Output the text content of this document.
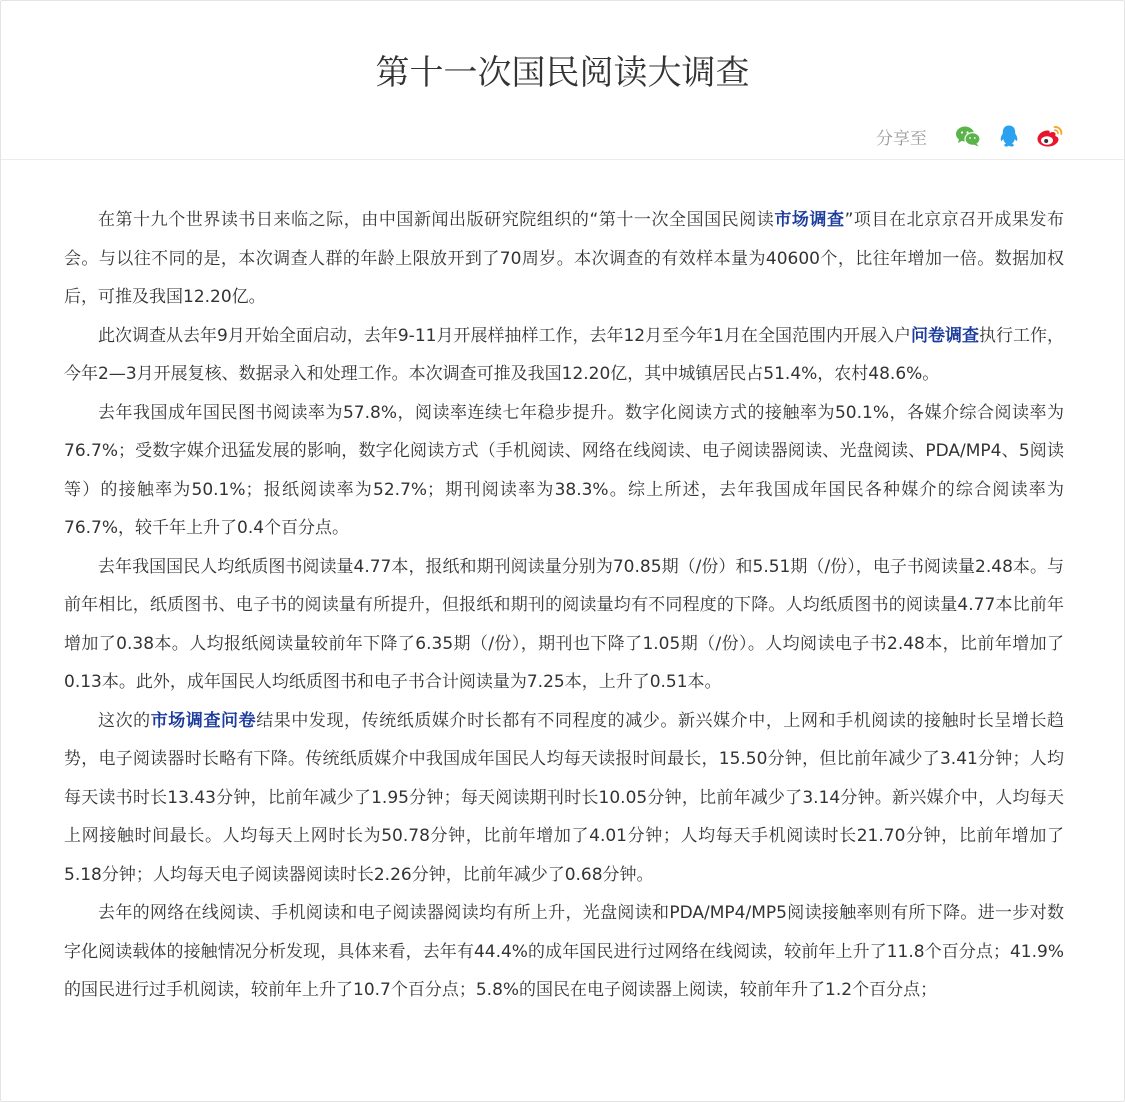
第十一次国民阅读大调查
分享至

在第十九个世界读书日来临之际，由中国新闻出版研究院组织的“第十一次全国国民阅读市场调查”项目在北京京召开成果发布会。与以往不同的是，本次调查人群的年龄上限放开到了70周岁。本次调查的有效样本量为40600个，比往年增加一倍。数据加权后，可推及我国12.20亿。

此次调查从去年9月开始全面启动，去年9-11月开展样抽样工作，去年12月至今年1月在全国范围内开展入户问卷调查执行工作，今年2—3月开展复核、数据录入和处理工作。本次调查可推及我国12.20亿，其中城镇居民占51.4%，农村48.6%。

去年我国成年国民图书阅读率为57.8%，阅读率连续七年稳步提升。数字化阅读方式的接触率为50.1%，各媒介综合阅读率为76.7%；受数字媒介迅猛发展的影响，数字化阅读方式（手机阅读、网络在线阅读、电子阅读器阅读、光盘阅读、PDA/MP4、5阅读等）的接触率为50.1%；报纸阅读率为52.7%；期刊阅读率为38.3%。综上所述，去年我国成年国民各种媒介的综合阅读率为76.7%，较千年上升了0.4个百分点。

去年我国国民人均纸质图书阅读量4.77本，报纸和期刊阅读量分别为70.85期（/份）和5.51期（/份），电子书阅读量2.48本。与前年相比，纸质图书、电子书的阅读量有所提升，但报纸和期刊的阅读量均有不同程度的下降。人均纸质图书的阅读量4.77本比前年增加了0.38本。人均报纸阅读量较前年下降了6.35期（/份），期刊也下降了1.05期（/份）。人均阅读电子书2.48本，比前年增加了0.13本。此外，成年国民人均纸质图书和电子书合计阅读量为7.25本，上升了0.51本。

这次的市场调查问卷结果中发现，传统纸质媒介时长都有不同程度的减少。新兴媒介中，上网和手机阅读的接触时长呈增长趋势，电子阅读器时长略有下降。传统纸质媒介中我国成年国民人均每天读报时间最长，15.50分钟，但比前年减少了3.41分钟；人均每天读书时长13.43分钟，比前年减少了1.95分钟；每天阅读期刊时长10.05分钟，比前年减少了3.14分钟。新兴媒介中，人均每天上网接触时间最长。人均每天上网时长为50.78分钟，比前年增加了4.01分钟；人均每天手机阅读时长21.70分钟，比前年增加了5.18分钟；人均每天电子阅读器阅读时长2.26分钟，比前年减少了0.68分钟。

去年的网络在线阅读、手机阅读和电子阅读器阅读均有所上升，光盘阅读和PDA/MP4/MP5阅读接触率则有所下降。进一步对数字化阅读载体的接触情况分析发现，具体来看，去年有44.4%的成年国民进行过网络在线阅读，较前年上升了11.8个百分点；41.9%的国民进行过手机阅读，较前年上升了10.7个百分点；5.8%的国民在电子阅读器上阅读，较前年升了1.2个百分点；
